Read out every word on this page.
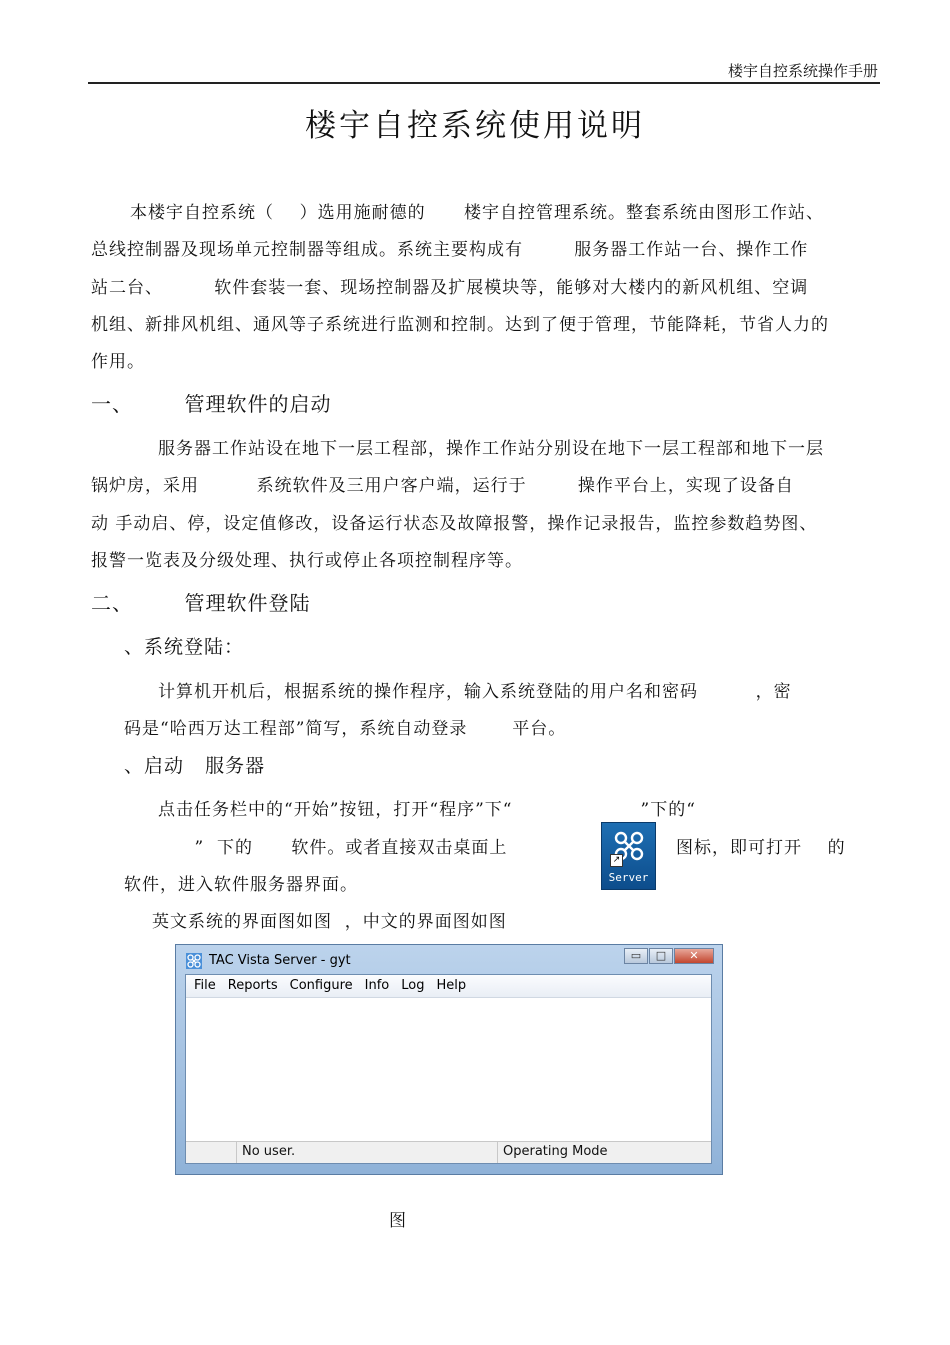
楼宇自控系统操作手册
楼宇自控系统使用说明
本楼宇自控系统（    ）选用施耐德的      楼宇自控管理系统。整套系统由图形工作站、
总线控制器及现场单元控制器等组成。系统主要构成有        服务器工作站一台、操作工作
站二台、        软件套装一套、现场控制器及扩展模块等，能够对大楼内的新风机组、空调
机组、新排风机组、通风等子系统进行监测和控制。达到了便于管理，节能降耗，节省人力的
作用。
一、       管理软件的启动
服务器工作站设在地下一层工程部，操作工作站分别设在地下一层工程部和地下一层
锅炉房，采用         系统软件及三用户客户端，运行于        操作平台上，实现了设备自
动 手动启、停，设定值修改，设备运行状态及故障报警，操作记录报告，监控参数趋势图、
报警一览表及分级处理、执行或停止各项控制程序等。
二、       管理软件登陆
、系统登陆：
计算机开机后，根据系统的操作程序，输入系统登陆的用户名和密码         ，密
码是“哈西万达工程部”简写，系统自动登录       平台。
、启动   服务器
点击任务栏中的“开始”按钮，打开“程序”下“                    ”下的“
”  下的      软件。或者直接双击桌面上	图标，即可打开    的
软件，进入软件服务器界面。
英文系统的界面图如图  ，中文的界面图如图
↗
Server
TAC Vista Server - gyt	▭	□	✕
File Reports Configure Info Log Help
No user.	Operating Mode
图
